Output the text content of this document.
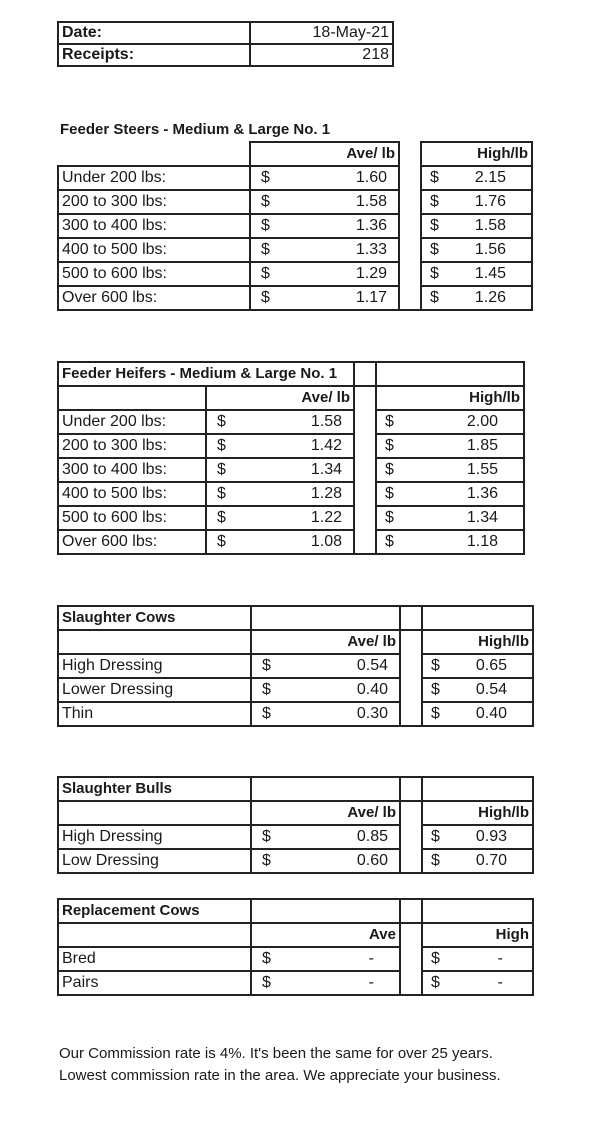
Date:	18-May-21
Receipts:	218
Feeder Steers - Medium & Large No. 1
	Ave/ lb		High/lb
Under 200 lbs:	$ 1.60		$ 2.15

200 to 300 lbs:	$ 1.58		$ 1.76

300 to 400 lbs:	$ 1.36		$ 1.58

400 to 500 lbs:	$ 1.33		$ 1.56

500 to 600 lbs:	$ 1.29		$ 1.45

Over 600 lbs:	$ 1.17		$ 1.26
Feeder Heifers - Medium & Large No. 1			
	Ave/ lb		High/lb
Under 200 lbs:	$ 1.58		$ 2.00

200 to 300 lbs:	$ 1.42		$ 1.85

300 to 400 lbs:	$ 1.34		$ 1.55

400 to 500 lbs:	$ 1.28		$ 1.36

500 to 600 lbs:	$ 1.22		$ 1.34

Over 600 lbs:	$ 1.08		$ 1.18
Slaughter Cows			
	Ave/ lb		High/lb
High Dressing	$ 0.54		$ 0.65

Lower Dressing	$ 0.40		$ 0.54

Thin	$ 0.30		$ 0.40
Slaughter Bulls			
	Ave/ lb		High/lb
High Dressing	$ 0.85		$ 0.93

Low Dressing	$ 0.60		$ 0.70
Replacement Cows			
	Ave		High
Bred	$ -		$ -

Pairs	$ -		$ -
Our Commission rate is 4%. It's been the same for over 25 years.
Lowest commission rate in the area. We appreciate your business.
